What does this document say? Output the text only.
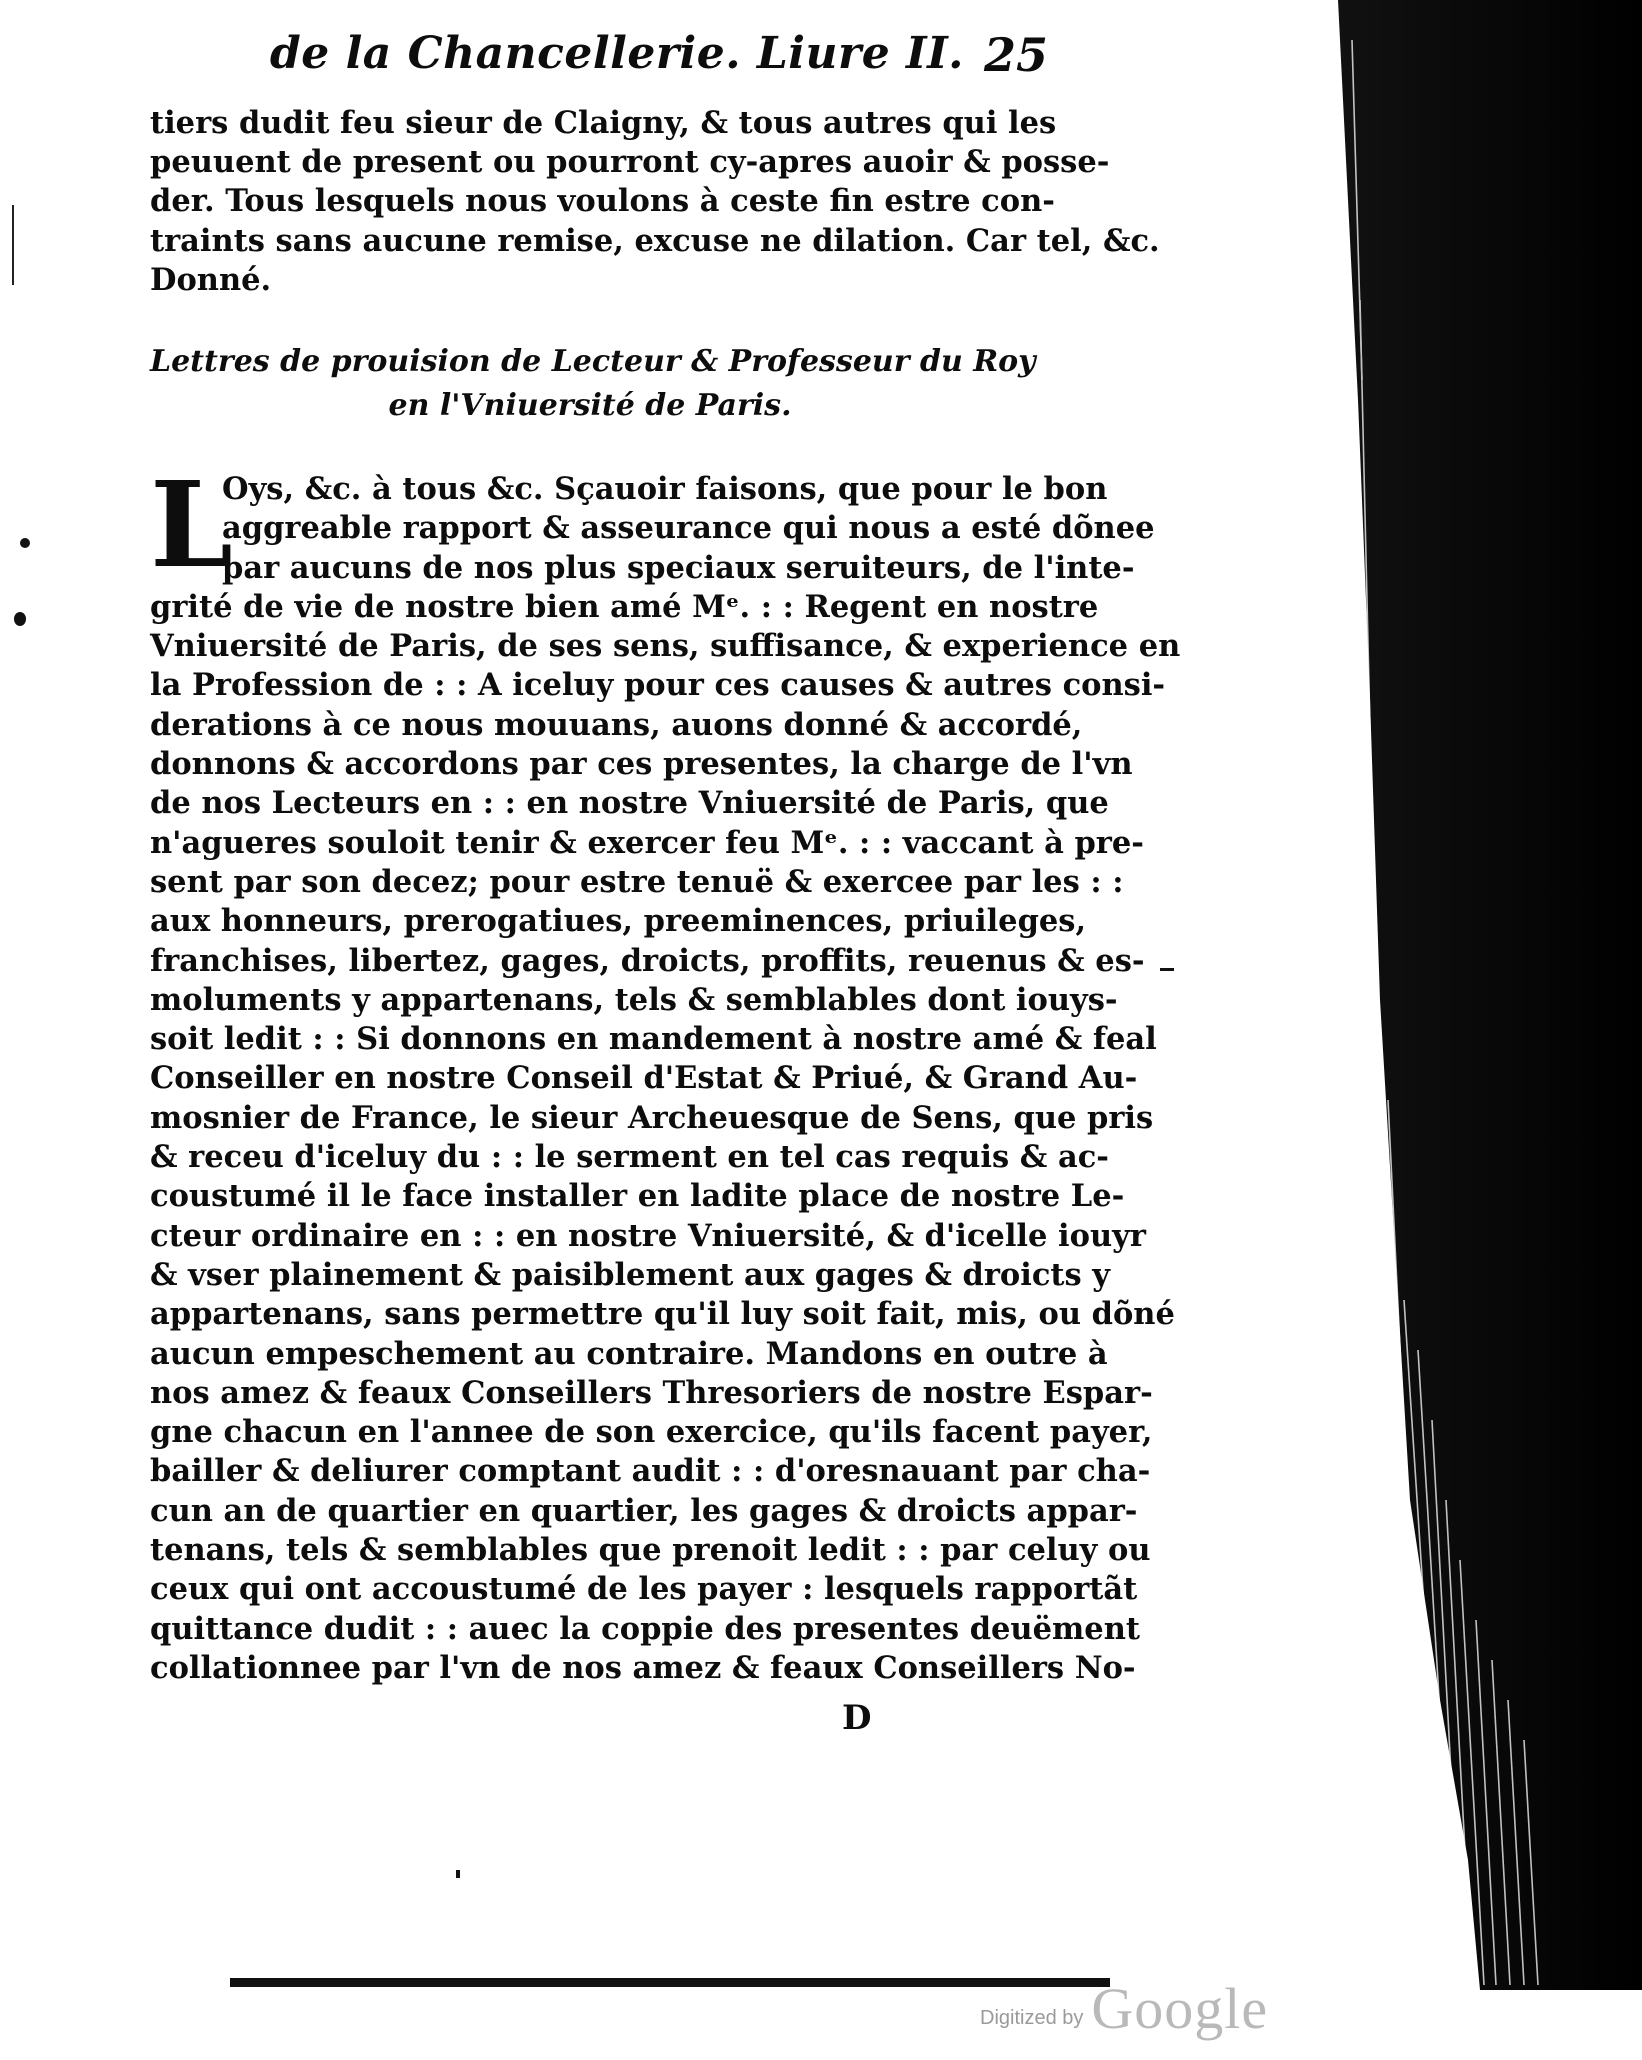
de la Chancellerie. Liure II. 25
tiers dudit feu sieur de Claigny, & tous autres qui les
peuuent de present ou pourront cy-apres auoir & posse-
der. Tous lesquels nous voulons à ceste fin estre con-
traints sans aucune remise, excuse ne dilation. Car tel, &c.
Donné.
Lettres de prouision de Lecteur & Professeur du Roy
en l'Vniuersité de Paris.
L
Oys, &c. à tous &c. Sçauoir faisons, que pour le bon
aggreable rapport & asseurance qui nous a esté dõnee
par aucuns de nos plus speciaux seruiteurs, de l'inte-
grité de vie de nostre bien amé Mᵉ. : : Regent en nostre
Vniuersité de Paris, de ses sens, suffisance, & experience en
la Profession de : : A iceluy pour ces causes & autres consi-
derations à ce nous mouuans, auons donné & accordé,
donnons & accordons par ces presentes, la charge de l'vn
de nos Lecteurs en : : en nostre Vniuersité de Paris, que
n'agueres souloit tenir & exercer feu Mᵉ. : : vaccant à pre-
sent par son decez; pour estre tenuë & exercee par les : :
aux honneurs, prerogatiues, preeminences, priuileges,
franchises, libertez, gages, droicts, proffits, reuenus & es-
moluments y appartenans, tels & semblables dont iouys-
soit ledit : : Si donnons en mandement à nostre amé & feal
Conseiller en nostre Conseil d'Estat & Priué, & Grand Au-
mosnier de France, le sieur Archeuesque de Sens, que pris
& receu d'iceluy du : : le serment en tel cas requis & ac-
coustumé il le face installer en ladite place de nostre Le-
cteur ordinaire en : : en nostre Vniuersité, & d'icelle iouyr
& vser plainement & paisiblement aux gages & droicts y
appartenans, sans permettre qu'il luy soit fait, mis, ou dõné
aucun empeschement au contraire. Mandons en outre à
nos amez & feaux Conseillers Thresoriers de nostre Espar-
gne chacun en l'annee de son exercice, qu'ils facent payer,
bailler & deliurer comptant audit : : d'oresnauant par cha-
cun an de quartier en quartier, les gages & droicts appar-
tenans, tels & semblables que prenoit ledit : : par celuy ou
ceux qui ont accoustumé de les payer : lesquels rapportãt
quittance dudit : : auec la coppie des presentes deuëment
collationnee par l'vn de nos amez & feaux Conseillers No-
D
Digitized by Google
